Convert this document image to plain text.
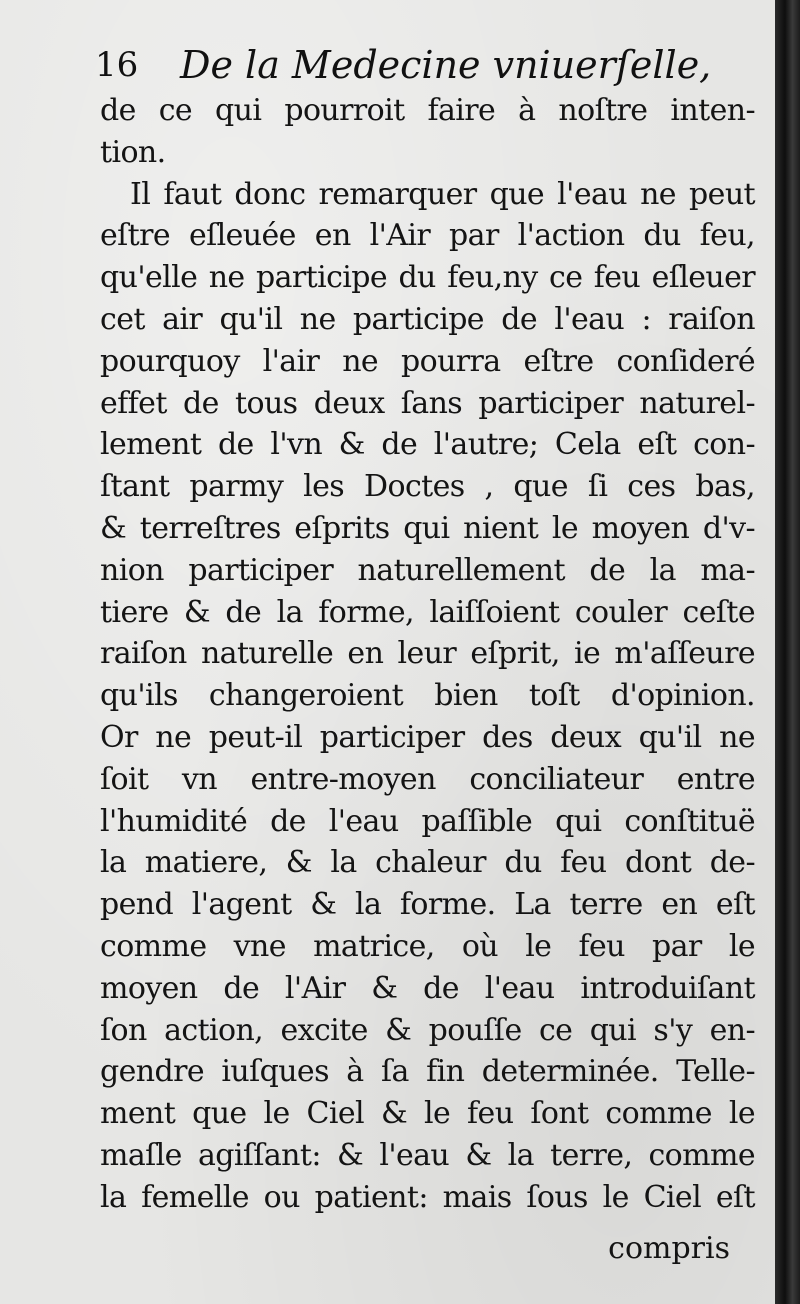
16 De la Medecine vniuerſelle,
de ce qui pourroit faire à noſtre inten-
tion.
Il faut donc remarquer que l'eau ne peut
eſtre eſleuée en l'Air par l'action du feu,
qu'elle ne participe du feu,ny ce feu eſleuer
cet air qu'il ne participe de l'eau : raiſon
pourquoy l'air ne pourra eſtre conſideré
effet de tous deux ſans participer naturel-
lement de l'vn & de l'autre; Cela eſt con-
ſtant parmy les Doctes , que ſi ces bas,
& terreſtres eſprits qui nient le moyen d'v-
nion participer naturellement de la ma-
tiere & de la forme, laiſſoient couler ceſte
raiſon naturelle en leur eſprit, ie m'aſſeure
qu'ils changeroient bien toſt d'opinion.
Or ne peut-il participer des deux qu'il ne
ſoit vn entre-moyen conciliateur entre
l'humidité de l'eau paſſible qui conſtituë
la matiere, & la chaleur du feu dont de-
pend l'agent & la forme. La terre en eſt
comme vne matrice, où le feu par le
moyen de l'Air & de l'eau introduiſant
ſon action, excite & pouſſe ce qui s'y en-
gendre iuſques à ſa fin determinée. Telle-
ment que le Ciel & le feu ſont comme le
maſle agiſſant: & l'eau & la terre, comme
la femelle ou patient: mais ſous le Ciel eſt
compris
